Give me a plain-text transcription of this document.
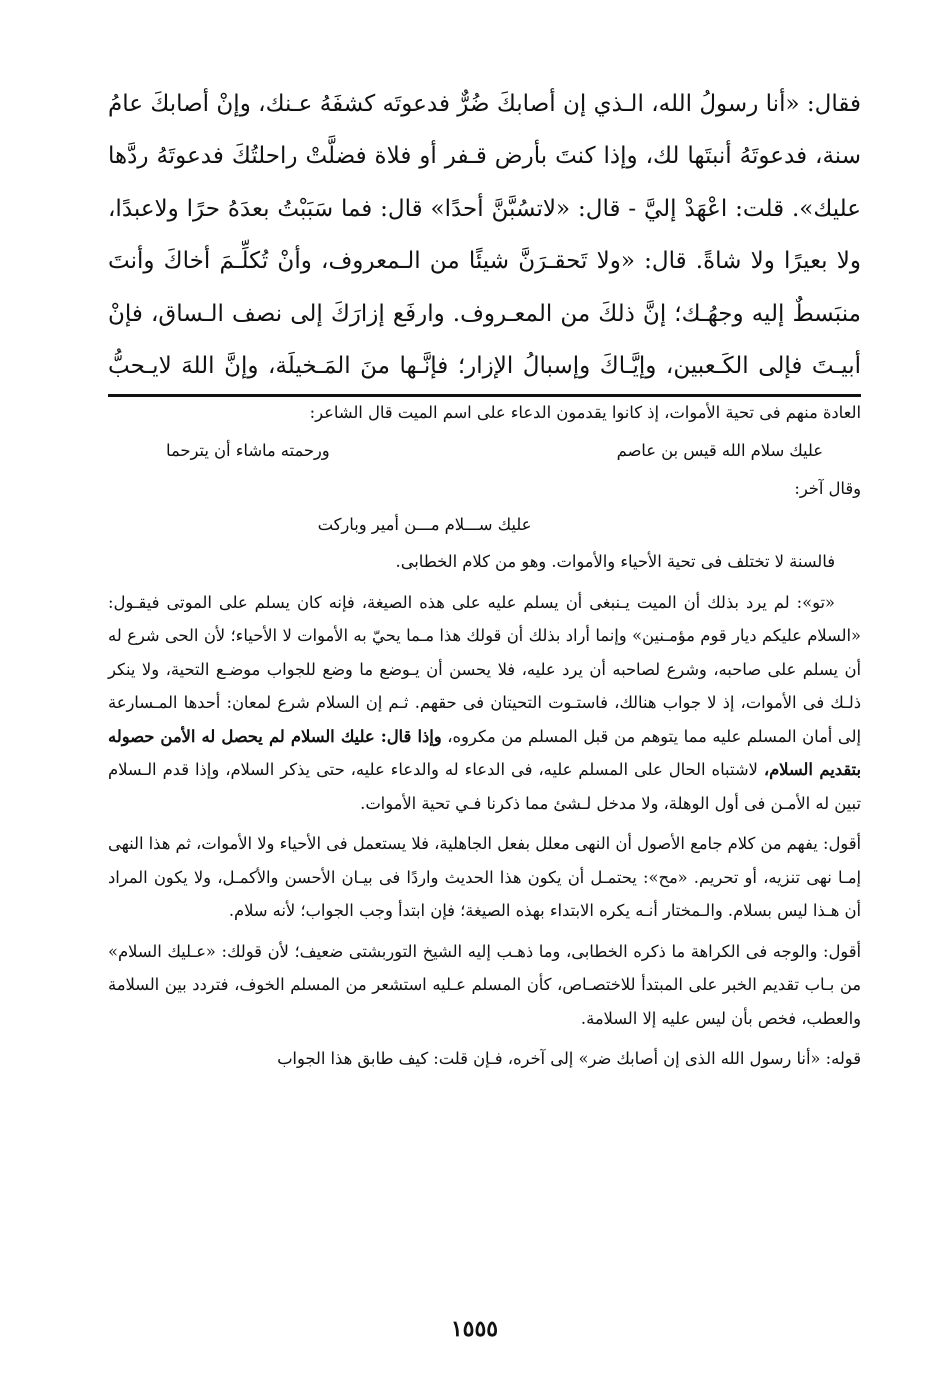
فقال: «أنا رسولُ الله، الـذي إن أصابكَ ضُرٌّ فدعوتَه كشفَهُ عـنك، وإنْ أصابكَ عامُ

سنة، فدعوتَهُ أنبتَها لك، وإذا كنتَ بأرض قـفر أو فلاة فضلَّتْ راحلتُكَ فدعوتَهُ ردَّها

عليك». قلت: اعْهَدْ إليَّ - قال: «لاتسُبَّنَّ أحدًا» قال: فما سَبَبْتُ بعدَهُ حرًا ولاعبدًا،

ولا بعيرًا ولا شاةً. قال: «ولا تَحقـرَنَّ شيئًا من الـمعروف، وأنْ تُكلِّـمَ أخاكَ وأنتَ

منبَسطٌ إليه وجهُـك؛ إنَّ ذلكَ من المعـروف. وارفَع إزارَكَ إلى نصف الـساق، فإنْ

أبيـتَ فإلى الكَـعبين، وإيَّـاكَ وإسبالُ الإزار؛ فإنَّـها منَ المَـخيلَة، وإنَّ اللهَ لايـحبُّ

العادة منهم فى تحية الأموات، إذ كانوا يقدمون الدعاء على اسم الميت قال الشاعر:

عليك سلام الله قيس بن عاصم
ورحمته ماشاء أن يترحما

وقال آخر:

عليك ســـلام مـــن أمير وباركت

فالسنة لا تختلف فى تحية الأحياء والأموات. وهو من كلام الخطابى.

«تو»: لم يرد بذلك أن الميت يـنبغى أن يسلم عليه على هذه الصيغة، فإنه كان يسلم على الموتى فيقـول: «السلام عليكم ديار قوم مؤمـنين» وإنما أراد بذلك أن قولك هذا مـما يحيّ به الأموات لا الأحياء؛ لأن الحى شرع له أن يسلم على صاحبه، وشرع لصاحبه أن يرد عليه، فلا يحسن أن يـوضع ما وضع للجواب موضـع التحية، ولا ينكر ذلـك فى الأموات، إذ لا جواب هنالك، فاستـوت التحيتان فى حقهم. ثـم إن السلام شرع لمعان: أحدها المـسارعة إلى أمان المسلم عليه مما يتوهم من قبل المسلم من مكروه، وإذا قال: عليك السلام لم يحصل له الأمن حصوله بتقديم السلام، لاشتباه الحال على المسلم عليه، فى الدعاء له والدعاء عليه، حتى يذكر السلام، وإذا قدم الـسلام تبين له الأمـن فى أول الوهلة، ولا مدخل لـشئ مما ذكرنا فـي تحية الأموات.

أقول: يفهم من كلام جامع الأصول أن النهى معلل بفعل الجاهلية، فلا يستعمل فى الأحياء ولا الأموات، ثم هذا النهى إمـا نهى تنزيه، أو تحريم. «مح»: يحتمـل أن يكون هذا الحديث واردًا فى بيـان الأحسن والأكمـل، ولا يكون المراد أن هـذا ليس بسلام. والـمختار أنـه يكره الابتداء بهذه الصيغة؛ فإن ابتدأ وجب الجواب؛ لأنه سلام.

أقول: والوجه فى الكراهة ما ذكره الخطابى، وما ذهـب إليه الشيخ التوربشتى ضعيف؛ لأن قولك: «عـليك السلام» من بـاب تقديم الخبر على المبتدأ للاختصـاص، كأن المسلم عـليه استشعر من المسلم الخوف، فتردد بين السلامة والعطب، فخص بأن ليس عليه إلا السلامة.

قوله: «أنا رسول الله الذى إن أصابك ضر» إلى آخره، فـإن قلت: كيف طابق هذا الجواب

١٥٥٥
